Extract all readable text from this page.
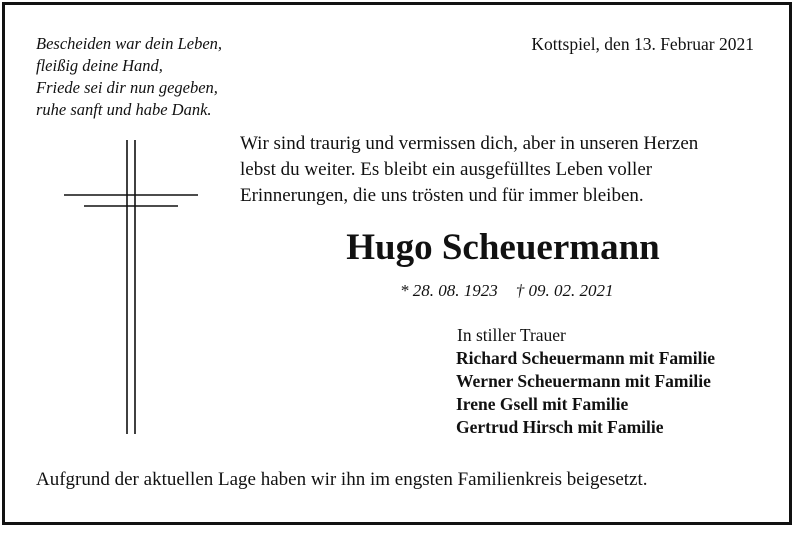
Bescheiden war dein Leben,
fleißig deine Hand,
Friede sei dir nun gegeben,
ruhe sanft und habe Dank.
Kottspiel, den 13. Februar 2021
Wir sind traurig und vermissen dich, aber in unseren Herzen
lebst du weiter. Es bleibt ein ausgefülltes Leben voller
Erinnerungen, die uns trösten und für immer bleiben.
Hugo Scheuermann
* 28. 08. 1923 † 09. 02. 2021
In stiller Trauer
Richard Scheuermann mit Familie
Werner Scheuermann mit Familie
Irene Gsell mit Familie
Gertrud Hirsch mit Familie
Aufgrund der aktuellen Lage haben wir ihn im engsten Familienkreis beigesetzt.
